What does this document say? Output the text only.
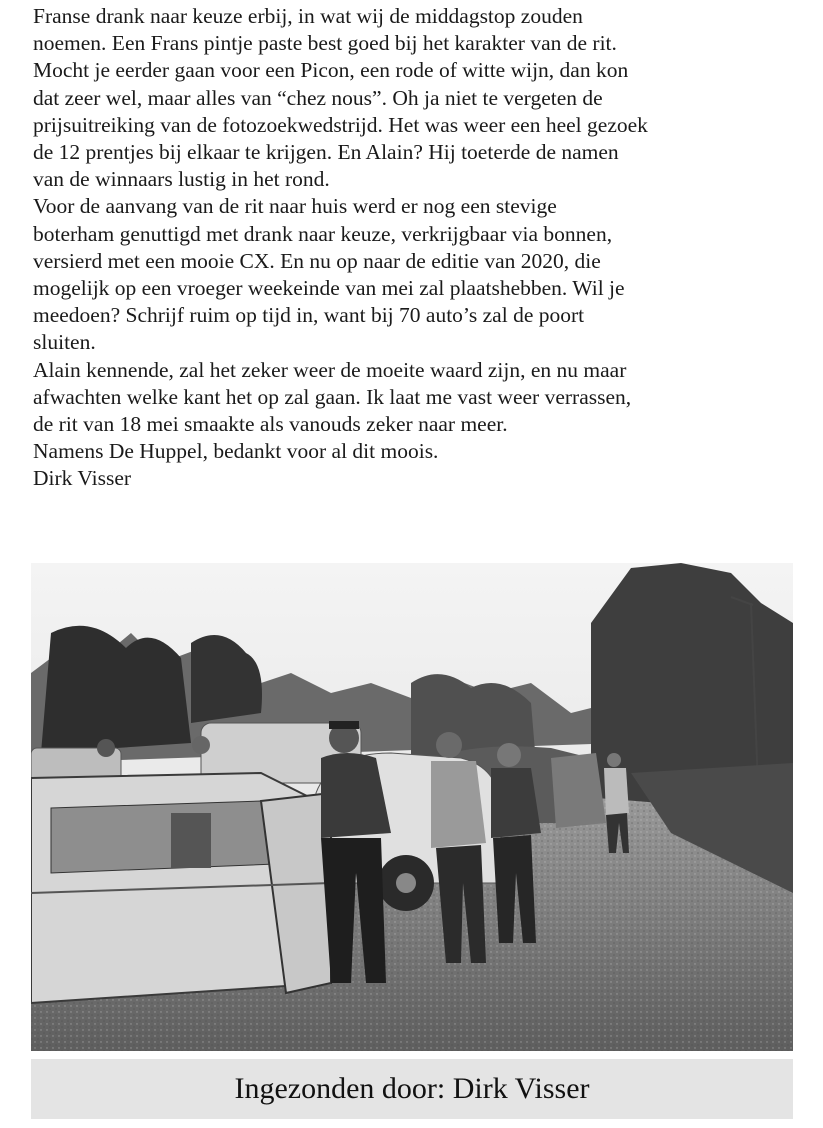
Franse drank naar keuze erbij, in wat wij de middagstop zouden
noemen. Een Frans pintje paste best goed bij het karakter van de rit.
Mocht je eerder gaan voor een Picon, een rode of witte wijn, dan kon
dat zeer wel, maar alles van “chez nous”. Oh ja niet te vergeten de
prijsuitreiking van de fotozoekwedstrijd. Het was weer een heel gezoek
de 12 prentjes bij elkaar te krijgen. En Alain? Hij toeterde de namen
van de winnaars lustig in het rond.
Voor de aanvang van de rit naar huis werd er nog een stevige
boterham genuttigd met drank naar keuze, verkrijgbaar via bonnen,
versierd met een mooie CX. En nu op naar de editie van 2020, die
mogelijk op een vroeger weekeinde van mei zal plaatshebben. Wil je
meedoen? Schrijf ruim op tijd in, want bij 70 auto’s zal de poort
sluiten.
Alain kennende, zal het zeker weer de moeite waard zijn, en nu maar
afwachten welke kant het op zal gaan. Ik laat me vast weer verrassen,
de rit van 18 mei smaakte als vanouds zeker naar meer.
Namens De Huppel, bedankt voor al dit moois.
Dirk Visser
Ingezonden door: Dirk Visser
